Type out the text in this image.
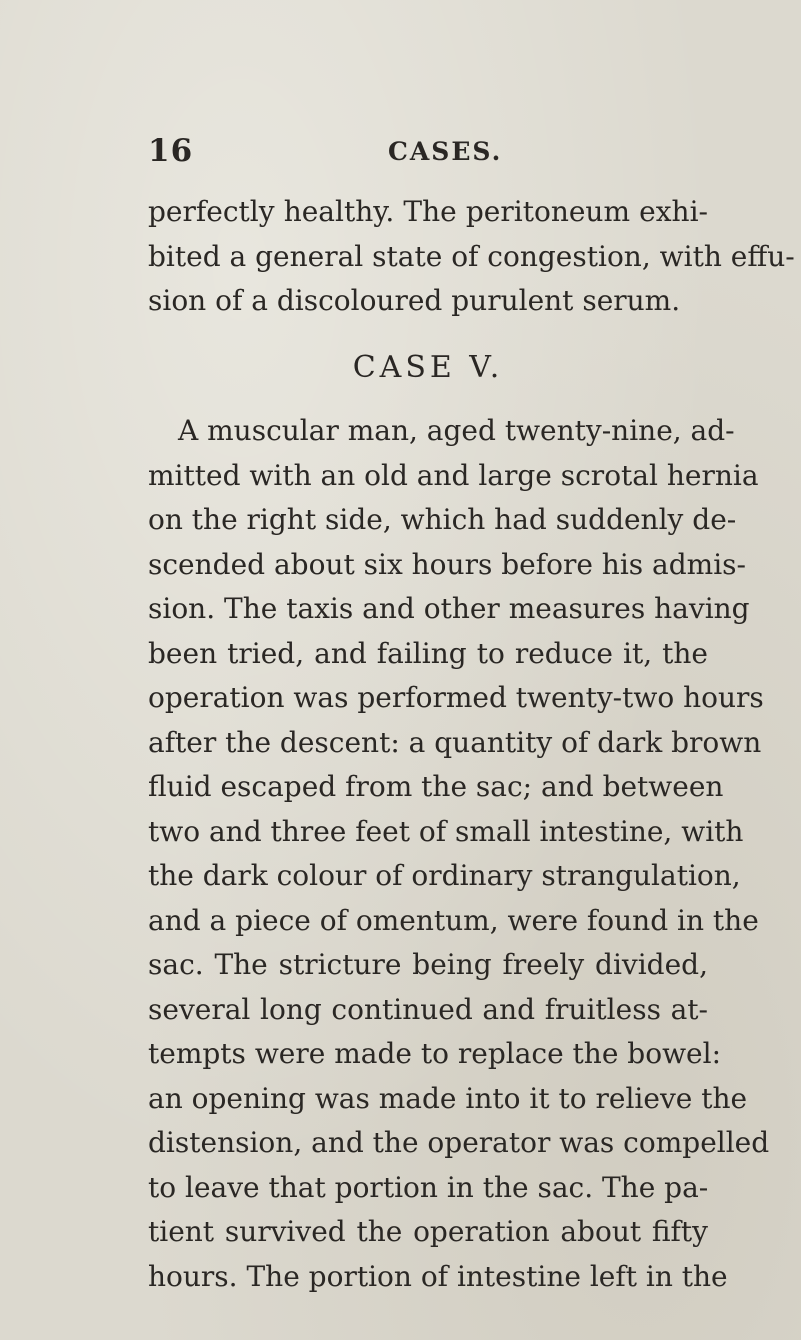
16	CASES.
perfectly healthy. The peritoneum exhi-
bited a general state of congestion, with effu-
sion of a discoloured purulent serum.
CASE V.
A muscular man, aged twenty-nine, ad-
mitted with an old and large scrotal hernia
on the right side, which had suddenly de-
scended about six hours before his admis-
sion. The taxis and other measures having
been tried, and failing to reduce it, the
operation was performed twenty-two hours
after the descent: a quantity of dark brown
fluid escaped from the sac; and between
two and three feet of small intestine, with
the dark colour of ordinary strangulation,
and a piece of omentum, were found in the
sac. The stricture being freely divided,
several long continued and fruitless at-
tempts were made to replace the bowel:
an opening was made into it to relieve the
distension, and the operator was compelled
to leave that portion in the sac. The pa-
tient survived the operation about fifty
hours. The portion of intestine left in the
